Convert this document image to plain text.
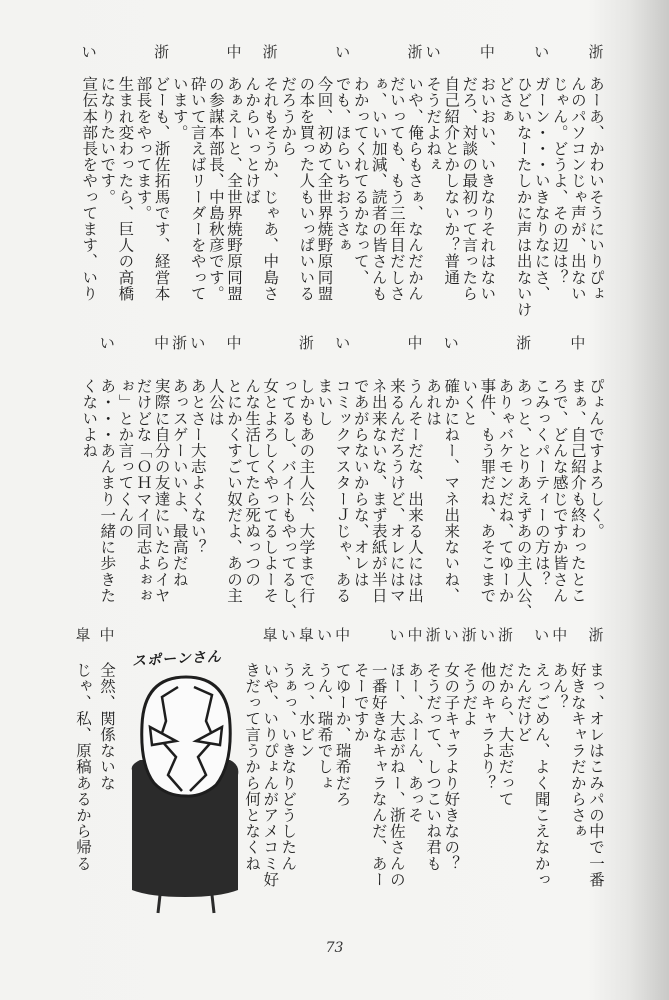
あーあ、かわいそうにいりぴょ
浙
んのパソコンじゃ声が、出ない
じゃん。どうよ、その辺は？
ガーン・・・いきなりなにさ、
い
ひどいなーたしかに声は出ないけ
どさぁ
おいおい、いきなりそれはない
中
だろ、対談の最初って言ったら
自己紹介とかしないか？普通
そうだよねぇ
い
いや、俺らもさぁ、なんだかん
浙
だいっても、もう三年目だしさ
ぁ、いい加減、読者の皆さんも
わかってくれてるかなって、
でも、ほらいちおうさぁ
い
今回、初めて全世界焼野原同盟
の本を買った人もいっぱいいる
だろうから
それもそうか、じゃあ、中島さ
浙
んからいっとけば
あぁえーと、全世界焼野原同盟
中
の参謀本部長、中島秋彦です。
砕いて言えばリーダーをやって
います。
どーも、浙佐拓馬です、経営本
浙
部長をやってます。
生まれ変わったら、巨人の高橋
になりたいです。
宣伝本部長をやってます、いり
い
ぴょんですよろしく。
まぁ、自己紹介も終わったとこ
中
ろで、どんな感じですか皆さん
こみっくパーティーの方は？
あっと、とりあえずあの主人公、
浙
ありゃバケモンだね、てゆーか
事件、もう罪だね、あそこまで
いくと
確かにねー、マネ出来ないね、
い
あれは
うんそーだな、出来る人には出
中
来るんだろうけど、オレにはマ
ネ出来ないな、まず表紙が半日
であがらないからな、オレは
コミックマスターＪじゃ、ある
い
まいし
しかもあの主人公、大学まで行
浙
ってるし、バイトもやってるし、
女とよろしくやってるしよーそ
んな生活してたら死ぬっつの
とにかくすごい奴だよ、あの主
中
人公は
あとさー大志よくない？
い
あっスゲーいいよ、最高だね
浙
実際に自分の友達にいたらイヤ
中
だけどな「ＯＨマイ同志よぉぉ
ぉ」とか言ってくんの
あ・・・あんまり一緒に歩きた
い
くないよね
まっ、オレはこみパの中で一番
浙
好きなキャラだからさぁ
あん？
中
えっごめん、よく聞こえなかっ
い
たんだけど
だから、大志だって
浙
他のキャラより？
い
そうだよ
浙
女の子キャラより好きなの？
い
そうだって、しつこいね君も
浙
あー、ふーん、あっそ
中
ほー、大志がねー、浙佐さんの
い
一番好きなキャラなんだ、あー
そーですか
てゆーか、瑞希だろ
中
うん、瑞希でしょ
い
えっ、水ビン
皐
うぁっ、いきなりどうしたん
い
いや、いりぴょんがアメコミ好
皐
きだって言うから何となくね
全然、関係ないな
中
じゃ、私、原稿あるから帰る
皐
スポーンさん
73
